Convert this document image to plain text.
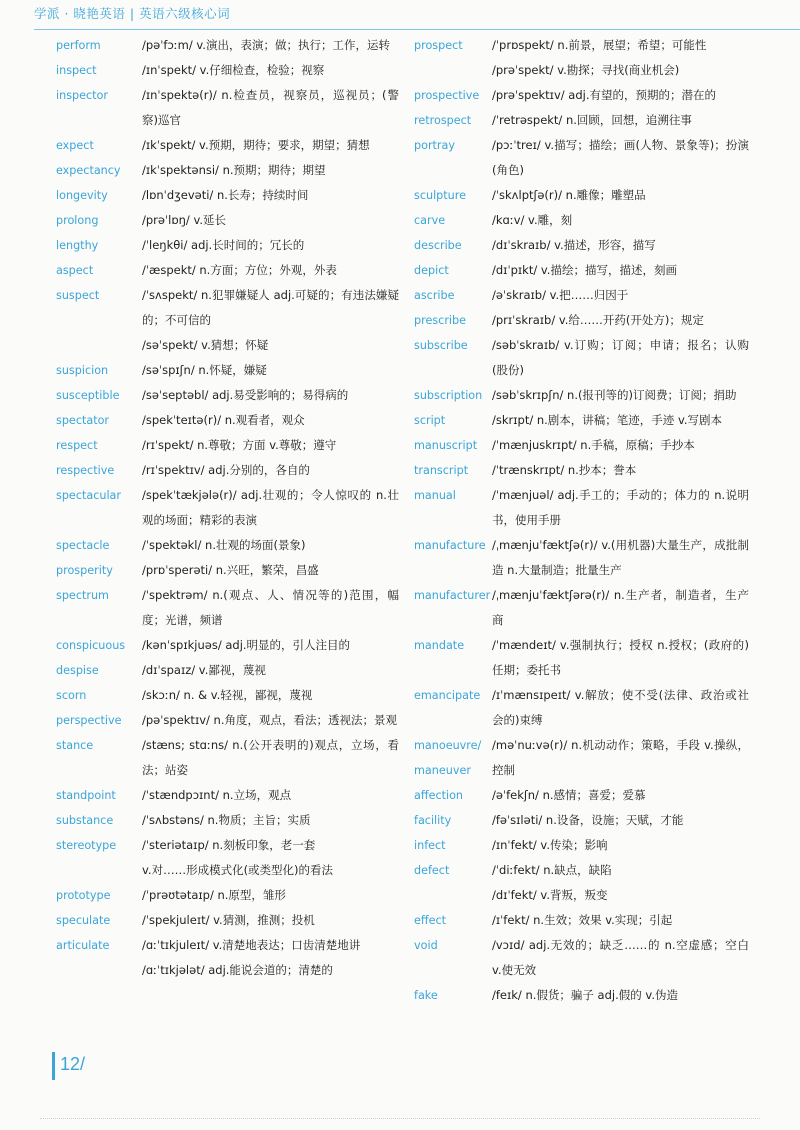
学派 · 晓艳英语 | 英语六级核心词
perform	/pəˈfɔːm/ v.演出，表演；做；执行；工作，运转
inspect	/ɪnˈspekt/ v.仔细检查，检验；视察
inspector	/ɪnˈspektə(r)/ n.检查员，视察员，巡视员；(警察)巡官
expect	/ɪkˈspekt/ v.预期，期待；要求，期望；猜想
expectancy	/ɪkˈspektənsi/ n.预期；期待；期望
longevity	/lɒnˈdʒevəti/ n.长寿；持续时间
prolong	/prəˈlɒŋ/ v.延长
lengthy	/ˈleŋkθi/ adj.长时间的；冗长的
aspect	/ˈæspekt/ n.方面；方位；外观，外表
suspect	/ˈsʌspekt/ n.犯罪嫌疑人 adj.可疑的；有违法嫌疑的；不可信的
/səˈspekt/ v.猜想；怀疑
suspicion	/səˈspɪʃn/ n.怀疑，嫌疑
susceptible	/səˈseptəbl/ adj.易受影响的；易得病的
spectator	/spekˈteɪtə(r)/ n.观看者，观众
respect	/rɪˈspekt/ n.尊敬；方面 v.尊敬；遵守
respective	/rɪˈspektɪv/ adj.分别的，各自的
spectacular	/spekˈtækjələ(r)/ adj.壮观的；令人惊叹的 n.壮观的场面；精彩的表演
spectacle	/ˈspektəkl/ n.壮观的场面(景象)
prosperity	/prɒˈsperəti/ n.兴旺，繁荣，昌盛
spectrum	/ˈspektrəm/ n.(观点、人、情况等的)范围，幅度；光谱，频谱
conspicuous	/kənˈspɪkjuəs/ adj.明显的，引人注目的
despise	/dɪˈspaɪz/ v.鄙视，蔑视
scorn	/skɔːn/ n. & v.轻视，鄙视，蔑视
perspective	/pəˈspektɪv/ n.角度，观点，看法；透视法；景观
stance	/stæns; stɑːns/ n.(公开表明的)观点，立场，看法；站姿
standpoint	/ˈstændpɔɪnt/ n.立场，观点
substance	/ˈsʌbstəns/ n.物质；主旨；实质
stereotype	/ˈsteriətaɪp/ n.刻板印象，老一套
v.对……形成模式化(或类型化)的看法
prototype	/ˈprəʊtətaɪp/ n.原型，雏形
speculate	/ˈspekjuleɪt/ v.猜测，推测；投机
articulate	/ɑːˈtɪkjuleɪt/ v.清楚地表达；口齿清楚地讲
/ɑːˈtɪkjələt/ adj.能说会道的；清楚的
prospect	/ˈprɒspekt/ n.前景，展望；希望；可能性
/prəˈspekt/ v.勘探；寻找(商业机会)
prospective	/prəˈspektɪv/ adj.有望的，预期的；潜在的
retrospect	/ˈretrəspekt/ n.回顾，回想，追溯往事
portray	/pɔːˈtreɪ/ v.描写；描绘；画(人物、景象等)；扮演(角色)
sculpture	/ˈskʌlptʃə(r)/ n.雕像；雕塑品
carve	/kɑːv/ v.雕，刻
describe	/dɪˈskraɪb/ v.描述，形容，描写
depict	/dɪˈpɪkt/ v.描绘；描写，描述，刻画
ascribe	/əˈskraɪb/ v.把……归因于
prescribe	/prɪˈskraɪb/ v.给……开药(开处方)；规定
subscribe	/səbˈskraɪb/ v.订购；订阅；申请；报名；认购(股份)
subscription /səbˈskrɪpʃn/ n.(报刊等的)订阅费；订阅；捐助
script	/skrɪpt/ n.剧本，讲稿；笔迹，手迹 v.写剧本
manuscript	/ˈmænjuskrɪpt/ n.手稿，原稿；手抄本
transcript	/ˈtrænskrɪpt/ n.抄本；誊本
manual	/ˈmænjuəl/ adj.手工的；手动的；体力的 n.说明书，使用手册
manufacture /ˌmænjuˈfæktʃə(r)/ v.(用机器)大量生产，成批制造 n.大量制造；批量生产
manufacturer /ˌmænjuˈfæktʃərə(r)/ n.生产者，制造者，生产商
mandate	/ˈmændeɪt/ v.强制执行；授权 n.授权；(政府的)任期；委托书
emancipate	/ɪˈmænsɪpeɪt/ v.解放；使不受(法律、政治或社会的)束缚
manoeuvre/ maneuver
/məˈnuːvə(r)/ n.机动动作；策略，手段 v.操纵，控制
affection	/əˈfekʃn/ n.感情；喜爱；爱慕
facility	/fəˈsɪləti/ n.设备，设施；天赋，才能
infect	/ɪnˈfekt/ v.传染；影响
defect	/ˈdiːfekt/ n.缺点，缺陷
/dɪˈfekt/ v.背叛，叛变
effect	/ɪˈfekt/ n.生效；效果 v.实现；引起
void	/vɔɪd/ adj.无效的；缺乏……的 n.空虚感；空白 v.使无效
fake	/feɪk/ n.假货；骗子 adj.假的 v.伪造
12/
